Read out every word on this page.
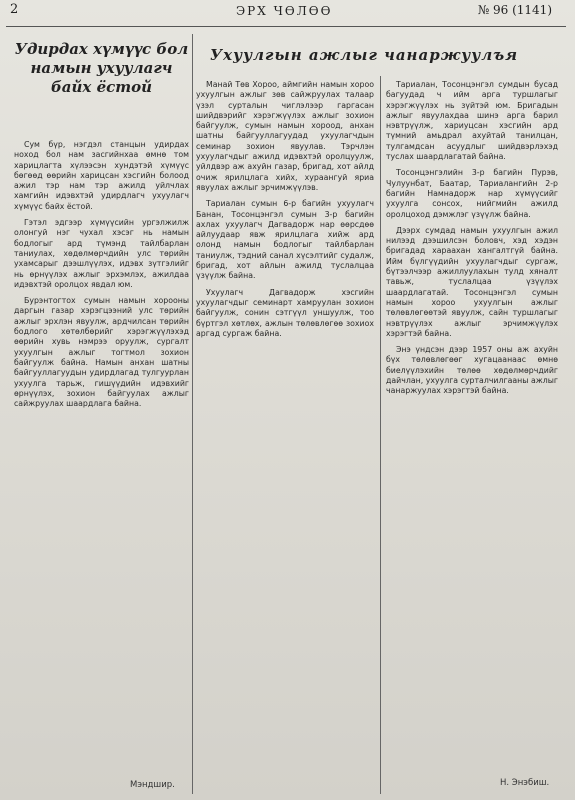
2	ЭРХ ЧӨЛӨӨ	№ 96 (1141)
Удирдах хүмүүс бол намын ухуулагч байх ёстой

Сум бүр, нэгдэл станцын удирдах ноход бол нам засгийнхаа өмнө том харицлагта хүлээсэн хундэтэй хүмүүс бөгөөд өөрийн харицсан хэсгийн болоод ажил тэр нам тэр ажилд уйлчлах хамгийн идэвхтэй удирдлагч ухуулагч хүмүүс байх ёстой.

Гэтэл эдгээр хүмүүсийн ургэлжилж олонгуй нэг чухал хэсэг нь намын бодлогыг ард түмэнд тайлбарлан таниулах, хөдөлмөрчдийн улс төрийн ухамсарыг дээшлүүлэх, идэвх зүтгэлийг нь өрнүүлэх ажлыг эрхэмлэх, ажилдаа идэвхтэй оролцох явдал юм.

Бурэнтогтох сумын намын хорооны даргын газар хэрэгцээний улс төрийн ажлыг эрхлэн явуулж, ардчилсан төрийн бодлого хөтөлбөрийг хэрэгжүүлэхэд өөрийн хувь нэмрээ оруулж, сургалт ухуулгын ажлыг тогтмол зохион байгуулж байна. Намын анхан шатны байгууллагуудын удирдлагад тулгуурлан ухуулга тарьж, гишүүдийн идэвхийг өрнүүлэх, зохион байгуулах ажлыг сайжруулах шаардлага байна.

Мэндшир.
Ухуулгын ажлыг чанаржуулъя

Манай Төв Хороо, аймгийн намын хороо ухуулгын ажлыг зөв сайжруулах талаар үзэл сурталын чиглэлээр гаргасан шийдвэрийг хэрэгжүүлэх ажлыг зохион байгуулж, сумын намын хороод, анхан шатны байгууллагуудад ухуулагчдын семинар зохион явуулав. Тэрчлэн ухуулагчдыг ажилд идэвхтэй оролцуулж, уйлдвэр аж ахуйн газар, бригад, хот айлд очиж ярилцлага хийх, хураангуй яриа явуулах ажлыг эрчимжүүлэв.

Тариалан сумын 6-р багийн ухуулагч Банан, Тосонцэнгэл сумын 3-р багийн ахлах ухуулагч Дагвадорж нар өөрсдөө айлуудаар явж ярилцлага хийж ард олонд намын бодлогыг тайлбарлан таниулж, тэдний санал хүсэлтийг судалж, бригад, хот айлын ажилд туслалцаа үзүүлж байна.

Ухуулагч Дагвадорж хэсгийн ухуулагчдыг семинарт хамруулан зохион байгуулж, сонин сэтгүүл уншуулж, тоо бүртгэл хөтлөх, ажлын төлөвлөгөө зохиох аргад сургаж байна.

Тариалан, Тосонцэнгэл сумдын бусад багуудад ч ийм арга туршлагыг хэрэгжүүлэх нь зүйтэй юм. Бригадын ажлыг явуулахдаа шинэ арга барил нэвтрүүлж, хариуцсан хэсгийн ард түмний амьдрал ахуйтай танилцан, тулгамдсан асуудлыг шийдвэрлэхэд туслах шаардлагатай байна.

Тосонцэнгэлийн 3-р багийн Пурэв, Чулуунбат, Баатар, Тариалангийн 2-р багийн Намнадорж нар хүмүүсийг ухуулга сонсох, нийгмийн ажилд оролцоход дэмжлэг үзүүлж байна.

Дээрх сумдад намын ухуулгын ажил нилээд дээшилсэн боловч, хэд хэдэн бригадад хараахан хангалтгүй байна. Ийм бүлгүүдийн ухуулагчдыг сургаж, бүтээлчээр ажиллуулахын тулд хяналт тавьж, туслалцаа үзүүлэх шаардлагатай. Тосонцэнгэл сумын намын хороо ухуулгын ажлыг төлөвлөгөөтэй явуулж, сайн туршлагыг нэвтрүүлэх ажлыг эрчимжүүлэх хэрэгтэй байна.

Энэ үндсэн дээр 1957 оны аж ахуйн бүх төлөвлөгөөг хугацаанаас өмнө биелүүлэхийн төлөө хөдөлмөрчдийг дайчлан, ухуулга сурталчилгааны ажлыг чанаржуулах хэрэгтэй байна.

Н. Энэбиш.
